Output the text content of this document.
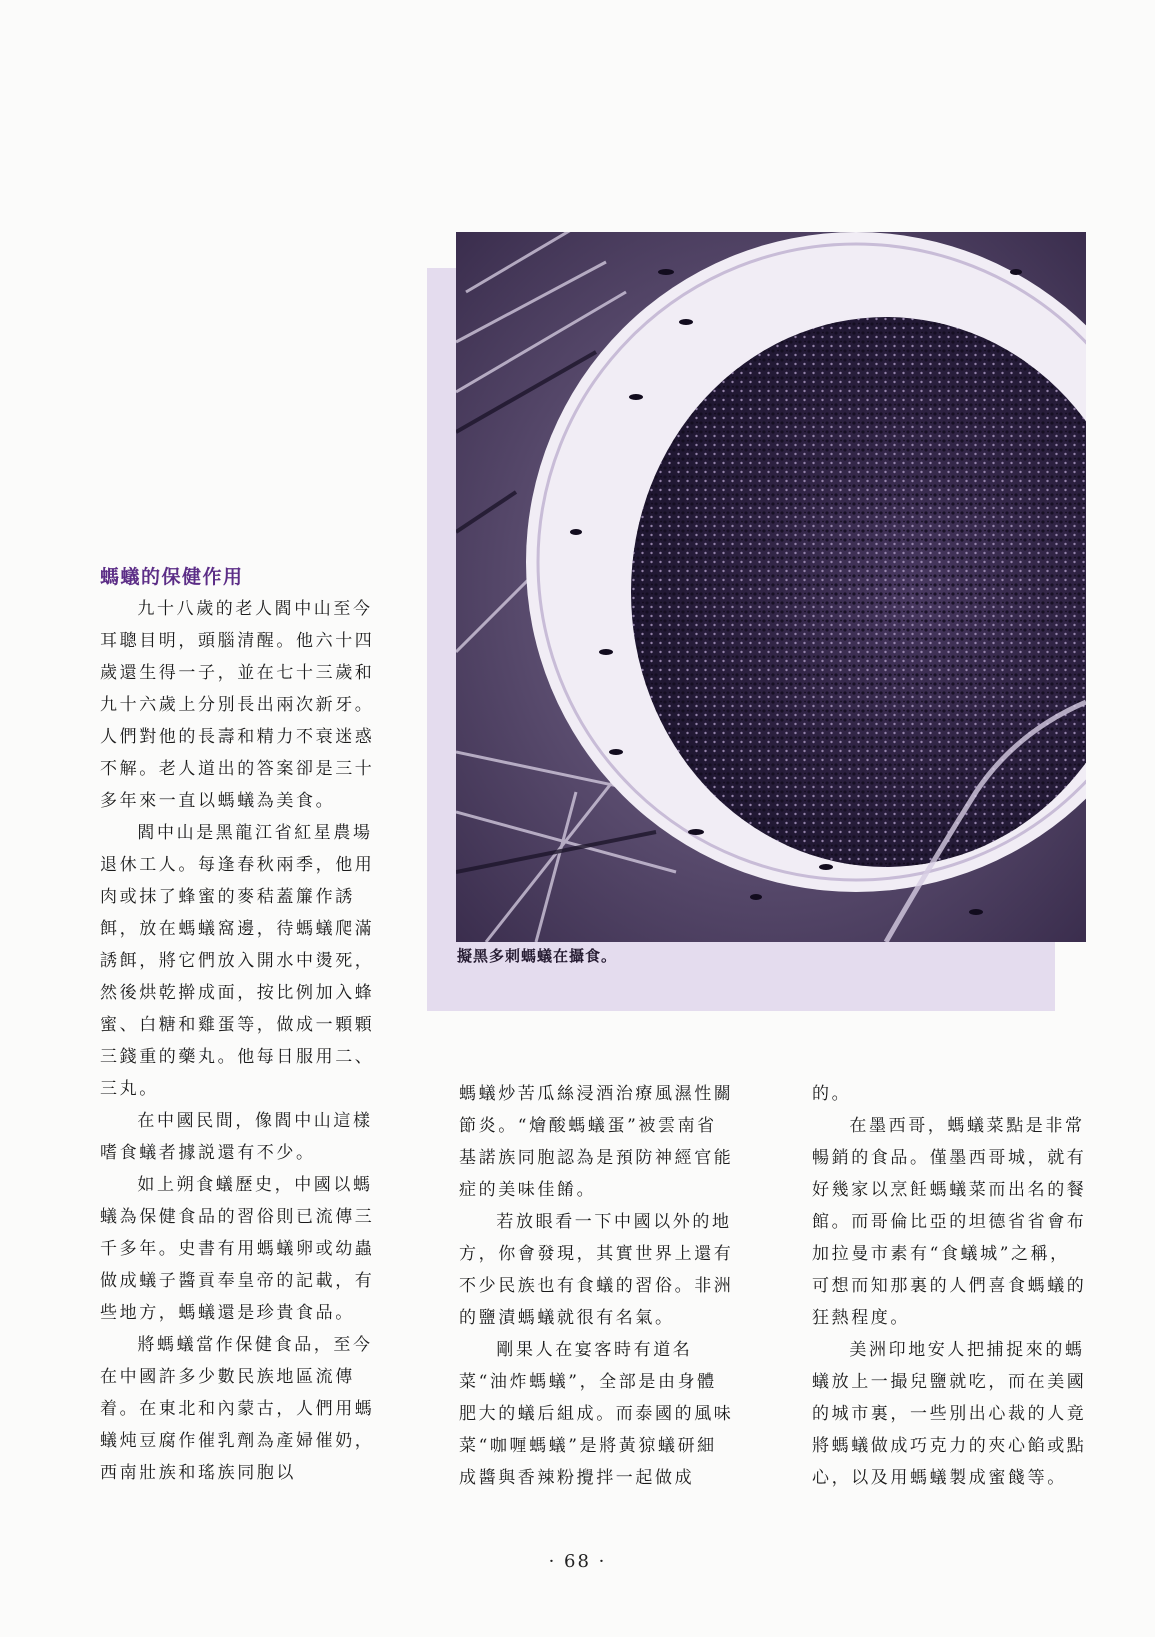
擬黑多刺螞蟻在攝食。
螞蟻的保健作用

九十八歲的老人閻中山至今耳聰目明，頭腦清醒。他六十四歲還生得一子，並在七十三歲和九十六歲上分別長出兩次新牙。人們對他的長壽和精力不衰迷惑不解。老人道出的答案卻是三十多年來一直以螞蟻為美食。

閻中山是黑龍江省紅星農場退休工人。每逢春秋兩季，他用肉或抹了蜂蜜的麥秸蓋簾作誘餌，放在螞蟻窩邊，待螞蟻爬滿誘餌，將它們放入開水中燙死，然後烘乾擀成面，按比例加入蜂蜜、白糖和雞蛋等，做成一顆顆三錢重的藥丸。他每日服用二、三丸。

在中國民間，像閻中山這樣嗜食蟻者據説還有不少。

如上朔食蟻歷史，中國以螞蟻為保健食品的習俗則已流傳三千多年。史書有用螞蟻卵或幼蟲做成蟻子醬貢奉皇帝的記載，有些地方，螞蟻還是珍貴食品。

將螞蟻當作保健食品，至今在中國許多少數民族地區流傳着。在東北和內蒙古，人們用螞蟻炖豆腐作催乳劑為產婦催奶，西南壯族和瑤族同胞以

螞蟻炒苦瓜絲浸酒治療風濕性關節炎。“燴酸螞蟻蛋”被雲南省基諾族同胞認為是預防神經官能症的美味佳餚。

若放眼看一下中國以外的地方，你會發現，其實世界上還有不少民族也有食蟻的習俗。非洲的鹽漬螞蟻就很有名氣。

剛果人在宴客時有道名菜“油炸螞蟻”，全部是由身體肥大的蟻后組成。而泰國的風味菜“咖喱螞蟻”是將黃猄蟻研細成醬與香辣粉攪拌一起做成

的。

在墨西哥，螞蟻菜點是非常暢銷的食品。僅墨西哥城，就有好幾家以烹飪螞蟻菜而出名的餐館。而哥倫比亞的坦德省省會布加拉曼市素有“食蟻城”之稱，可想而知那裏的人們喜食螞蟻的狂熱程度。

美洲印地安人把捕捉來的螞蟻放上一撮兒鹽就吃，而在美國的城市裏，一些別出心裁的人竟將螞蟻做成巧克力的夾心餡或點心，以及用螞蟻製成蜜餞等。

· 68 ·
